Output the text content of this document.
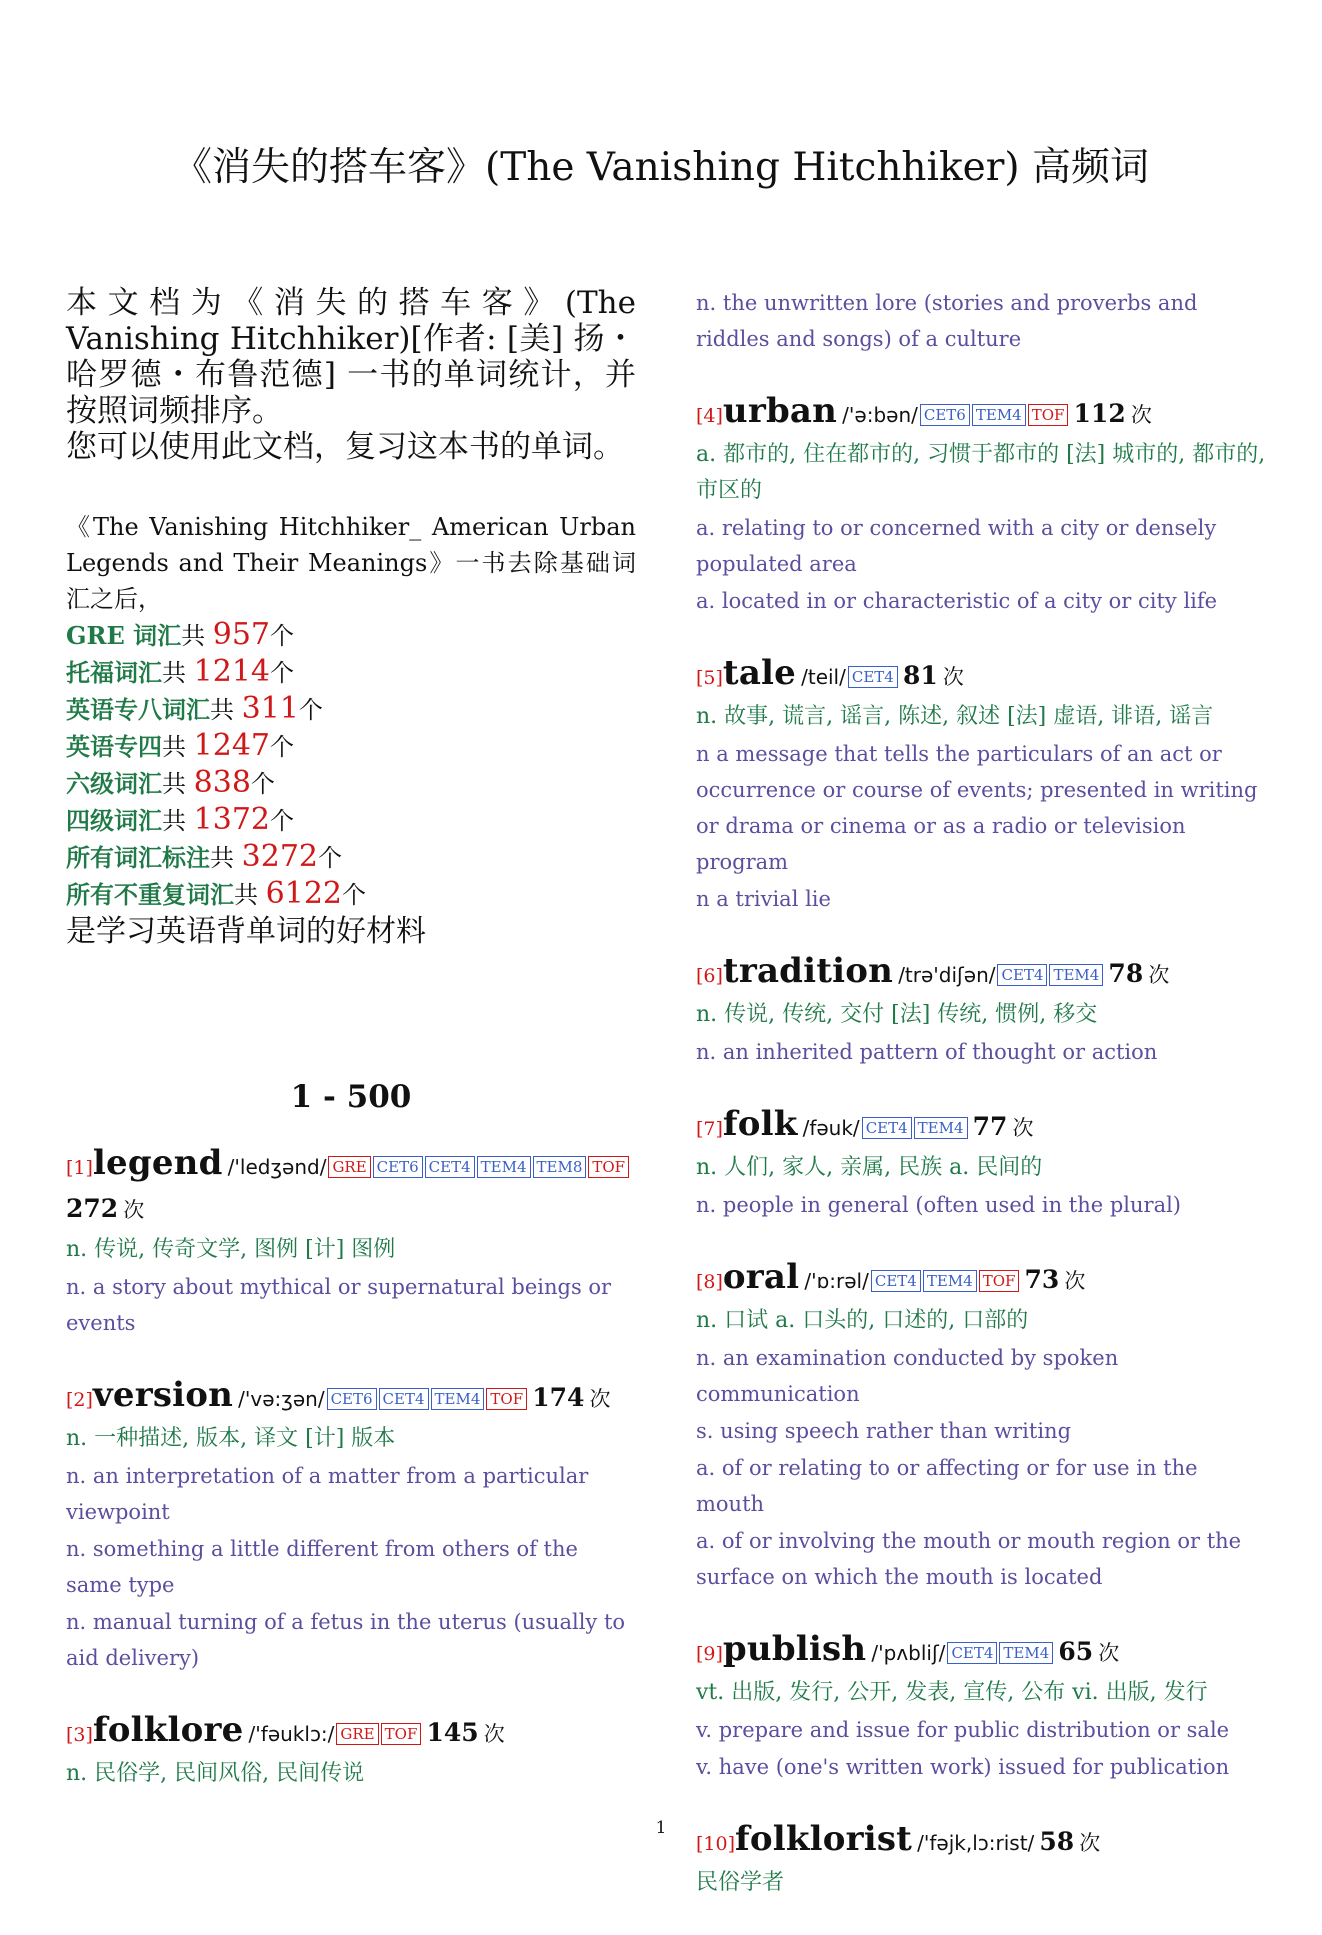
《消失的搭车客》(The Vanishing Hitchhiker) 高频词

本文档为《消失的搭车客》(The Vanishing Hitchhiker)[作者: [美] 扬・哈罗德・布鲁范德] 一书的单词统计，并按照词频排序。

您可以使用此文档，复习这本书的单词。

《The Vanishing Hitchhiker_ American Urban Legends and Their Meanings》一书去除基础词汇之后，
GRE 词汇共 957个
托福词汇共 1214个
英语专八词汇共 311个
英语专四共 1247个
六级词汇共 838个
四级词汇共 1372个
所有词汇标注共 3272个
所有不重复词汇共 6122个
是学习英语背单词的好材料
1 - 500
[1]legend /'ledʒənd/ GRE CET6 CET4 TEM4 TEM8 TOF 272 次
n. 传说, 传奇文学, 图例 [计] 图例
n. a story about mythical or supernatural beings or events
[2]version /'və:ʒən/ CET6 CET4 TEM4 TOF 174 次
n. 一种描述, 版本, 译文 [计] 版本
n. an interpretation of a matter from a particular viewpoint
n. something a little different from others of the same type
n. manual turning of a fetus in the uterus (usually to aid delivery)
[3]folklore /'fəuklɔ:/ GRE TOF 145 次
n. 民俗学, 民间风俗, 民间传说
n. the unwritten lore (stories and proverbs and riddles and songs) of a culture
[4]urban /'ə:bən/ CET6 TEM4 TOF 112 次
a. 都市的, 住在都市的, 习惯于都市的 [法] 城市的, 都市的, 市区的
a. relating to or concerned with a city or densely populated area
a. located in or characteristic of a city or city life
[5]tale /teil/ CET4 81 次
n. 故事, 谎言, 谣言, 陈述, 叙述 [法] 虚语, 诽语, 谣言
n a message that tells the particulars of an act or occurrence or course of events; presented in writing or drama or cinema or as a radio or television program
n a trivial lie
[6]tradition /trə'diʃən/ CET4 TEM4 78 次
n. 传说, 传统, 交付 [法] 传统, 惯例, 移交
n. an inherited pattern of thought or action
[7]folk /fəuk/ CET4 TEM4 77 次
n. 人们, 家人, 亲属, 民族 a. 民间的
n. people in general (often used in the plural)
[8]oral /'ɒ:rəl/ CET4 TEM4 TOF 73 次
n. 口试 a. 口头的, 口述的, 口部的
n. an examination conducted by spoken communication
s. using speech rather than writing
a. of or relating to or affecting or for use in the mouth
a. of or involving the mouth or mouth region or the surface on which the mouth is located
[9]publish /'pʌbliʃ/ CET4 TEM4 65 次
vt. 出版, 发行, 公开, 发表, 宣传, 公布 vi. 出版, 发行
v. prepare and issue for public distribution or sale
v. have (one's written work) issued for publication
[10]folklorist /'fəjk,lɔ:rist/ 58 次
民俗学者
1
